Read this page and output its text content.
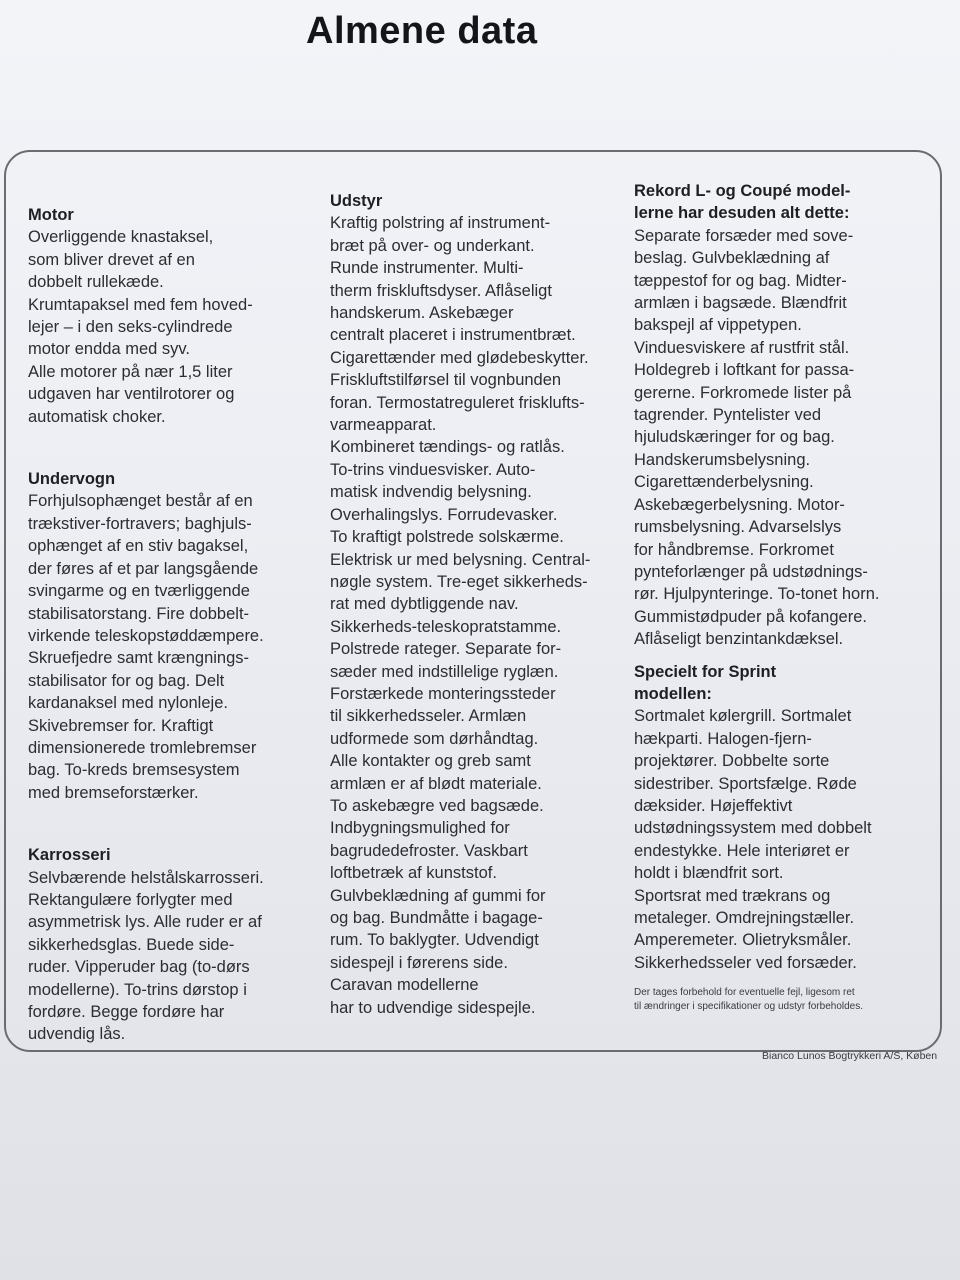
Almene data
Motor
Overliggende knastaksel,
som bliver drevet af en
dobbelt rullekæde.
Krumtapaksel med fem hoved-
lejer – i den seks-cylindrede
motor endda med syv.
Alle motorer på nær 1,5 liter
udgaven har ventilrotorer og
automatisk choker.
Undervogn
Forhjulsophænget består af en
trækstiver-fortravers; baghjuls-
ophænget af en stiv bagaksel,
der føres af et par langsgående
svingarme og en tværliggende
stabilisatorstang. Fire dobbelt-
virkende teleskopstøddæmpere.
Skruefjedre samt krængnings-
stabilisator for og bag. Delt
kardanaksel med nylonleje.
Skivebremser for. Kraftigt
dimensionerede tromlebremser
bag. To-kreds bremsesystem
med bremseforstærker.
Karrosseri
Selvbærende helstålskarrosseri.
Rektangulære forlygter med
asymmetrisk lys. Alle ruder er af
sikkerhedsglas. Buede side-
ruder. Vipperuder bag (to-dørs
modellerne). To-trins dørstop i
fordøre. Begge fordøre har
udvendig lås.
Udstyr
Kraftig polstring af instrument-
bræt på over- og underkant.
Runde instrumenter. Multi-
therm friskluftsdyser. Aflåseligt
handskerum. Askebæger
centralt placeret i instrumentbræt.
Cigarettænder med glødebeskytter.
Friskluftstilførsel til vognbunden
foran. Termostatreguleret frisklufts-
varmeapparat.
Kombineret tændings- og ratlås.
To-trins vinduesvisker. Auto-
matisk indvendig belysning.
Overhalingslys. Forrudevasker.
To kraftigt polstrede solskærme.
Elektrisk ur med belysning. Central-
nøgle system. Tre-eget sikkerheds-
rat med dybtliggende nav.
Sikkerheds-teleskopratstamme.
Polstrede rateger. Separate for-
sæder med indstillelige ryglæn.
Forstærkede monteringssteder
til sikkerhedsseler. Armlæn
udformede som dørhåndtag.
Alle kontakter og greb samt
armlæn er af blødt materiale.
To askebægre ved bagsæde.
Indbygningsmulighed for
bagrudedefroster. Vaskbart
loftbetræk af kunststof.
Gulvbeklædning af gummi for
og bag. Bundmåtte i bagage-
rum. To baklygter. Udvendigt
sidespejl i førerens side.
Caravan modellerne
har to udvendige sidespejle.
Rekord L- og Coupé model-
lerne har desuden alt dette:
Separate forsæder med sove-
beslag. Gulvbeklædning af
tæppestof for og bag. Midter-
armlæn i bagsæde. Blændfrit
bakspejl af vippetypen.
Vinduesviskere af rustfrit stål.
Holdegreb i loftkant for passa-
gererne. Forkromede lister på
tagrender. Pyntelister ved
hjuludskæringer for og bag.
Handskerumsbelysning.
Cigarettænderbelysning.
Askebægerbelysning. Motor-
rumsbelysning. Advarselslys
for håndbremse. Forkromet
pynteforlænger på udstødnings-
rør. Hjulpynteringe. To-tonet horn.
Gummistødpuder på kofangere.
Aflåseligt benzintankdæksel.
Specielt for Sprint
modellen:
Sortmalet kølergrill. Sortmalet
hækparti. Halogen-fjern-
projektører. Dobbelte sorte
sidestriber. Sportsfælge. Røde
dæksider. Højeffektivt
udstødningssystem med dobbelt
endestykke. Hele interiøret er
holdt i blændfrit sort.
Sportsrat med trækrans og
metaleger. Omdrejningstæller.
Amperemeter. Olietryksmåler.
Sikkerhedsseler ved forsæder.
Der tages forbehold for eventuelle fejl, ligesom ret
til ændringer i specifikationer og udstyr forbeholdes.
Bianco Lunos Bogtrykkeri A/S, Køben
